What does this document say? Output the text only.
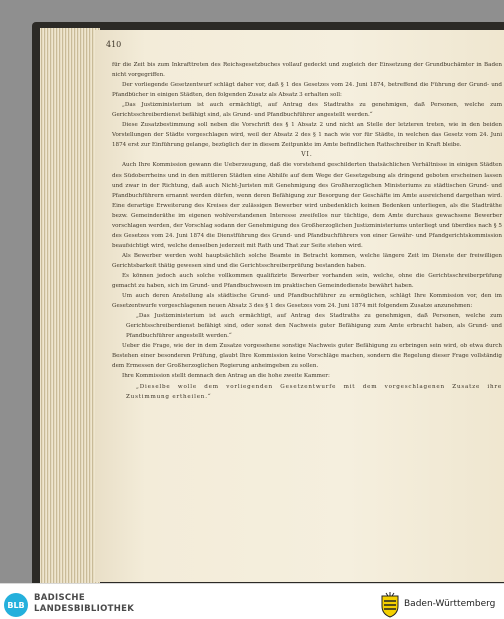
410

für die Zeit bis zum Inkrafttreten des Reichsgesetzbuches vollauf gedeckt und zugleich der Einsetzung der Grundbuchämter in Baden nicht vorgegriffen.

Der vorliegende Gesetzentwurf schlägt daher vor, daß § 1 des Gesetzes vom 24. Juni 1874, betreffend die Führung der Grund- und Pfandbücher in einigen Städten, den folgenden Zusatz als Absatz 3 erhalten soll:

„Das Justizministerium ist auch ermächtigt, auf Antrag des Stadtraths zu genehmigen, daß Personen, welche zum Gerichtsschreiberdienst befähigt sind, als Grund- und Pfandbuchführer angestellt werden.“

Diese Zusatzbestimmung soll neben die Vorschrift des § 1 Absatz 2 und nicht an Stelle der letzteren treten, wie in den beiden Vorstellungen der Städte vorgeschlagen wird, weil der Absatz 2 des § 1 nach wie vor für Städte, in welchen das Gesetz vom 24. Juni 1874 erst zur Einführung gelange, bezüglich der in diesem Zeitpunkte im Amte befindlichen Rathschreiber in Kraft bleibe.

VI.

Auch Ihre Kommission gewann die Ueberzeugung, daß die vorstehend geschilderten thatsächlichen Verhältnisse in einigen Städten des Südoberrheins und in den mittleren Städten eine Abhilfe auf dem Wege der Gesetzgebung als dringend geboten erscheinen lassen und zwar in der Richtung, daß auch Nicht-Juristen mit Genehmigung des Großherzoglichen Ministeriums zu städtischen Grund- und Pfandbuchführern ernannt werden dürfen, wenn deren Befähigung zur Besorgung der Geschäfte im Amte ausreichend dargethan wird. Eine derartige Erweiterung des Kreises der zulässigen Bewerber wird unbedenklich keinen Bedenken unterliegen, als die Stadträthe bezw. Gemeinderäthe im eigenen wohlverstandenen Interesse zweifellos nur tüchtige, dem Amte durchaus gewachsene Bewerber vorschlagen werden, der Vorschlag sodann der Genehmigung des Großherzoglichen Justizministeriums unterliegt und überdies nach § 5 des Gesetzes vom 24. Juni 1874 die Dienstführung des Grund- und Pfandbuchführers von einer Gewähr- und Pfandgerichtskommission beaufsichtigt wird, welche denselben jederzeit mit Rath und That zur Seite stehen wird.

Als Bewerber werden wohl hauptsächlich solche Beamte in Betracht kommen, welche längere Zeit im Dienste der freiwilligen Gerichtsbarkeit thätig gewesen sind und die Gerichtsschreiberprüfung bestanden haben.

Es können jedoch auch solche vollkommen qualifizirte Bewerber vorhanden sein, welche, ohne die Gerichtsschreiberprüfung gemacht zu haben, sich im Grund- und Pfandbuchwesen im praktischen Gemeindedienste bewährt haben.

Um auch deren Anstellung als städtische Grund- und Pfandbuchführer zu ermöglichen, schlägt Ihre Kommission vor, den im Gesetzentwurfe vorgeschlagenen neuen Absatz 3 des § 1 des Gesetzes vom 24. Juni 1874 mit folgendem Zusatze anzunehmen:

„Das Justizministerium ist auch ermächtigt, auf Antrag des Stadtraths zu genehmigen, daß Personen, welche zum Gerichtsschreiberdienst befähigt sind, oder sonst den Nachweis guter Befähigung zum Amte erbracht haben, als Grund- und Pfandbuchführer angestellt werden.“

Ueber die Frage, wie der in dem Zusatze vorgesehene sonstige Nachweis guter Befähigung zu erbringen sein wird, ob etwa durch Bestehen einer besonderen Prüfung, glaubt Ihre Kommission keine Vorschläge machen, sondern die Regelung dieser Frage vollständig dem Ermessen der Großherzoglichen Regierung anheimgeben zu sollen.

Ihre Kommission stellt demnach den Antrag an die hohe zweite Kammer:

„Dieselbe wolle dem vorliegenden Gesetzentwurfe mit dem vorgeschlagenen Zusatze ihre Zustimmung ertheilen.“

BLB
BADISCHE
LANDESBIBLIOTHEK	Baden-Württemberg
